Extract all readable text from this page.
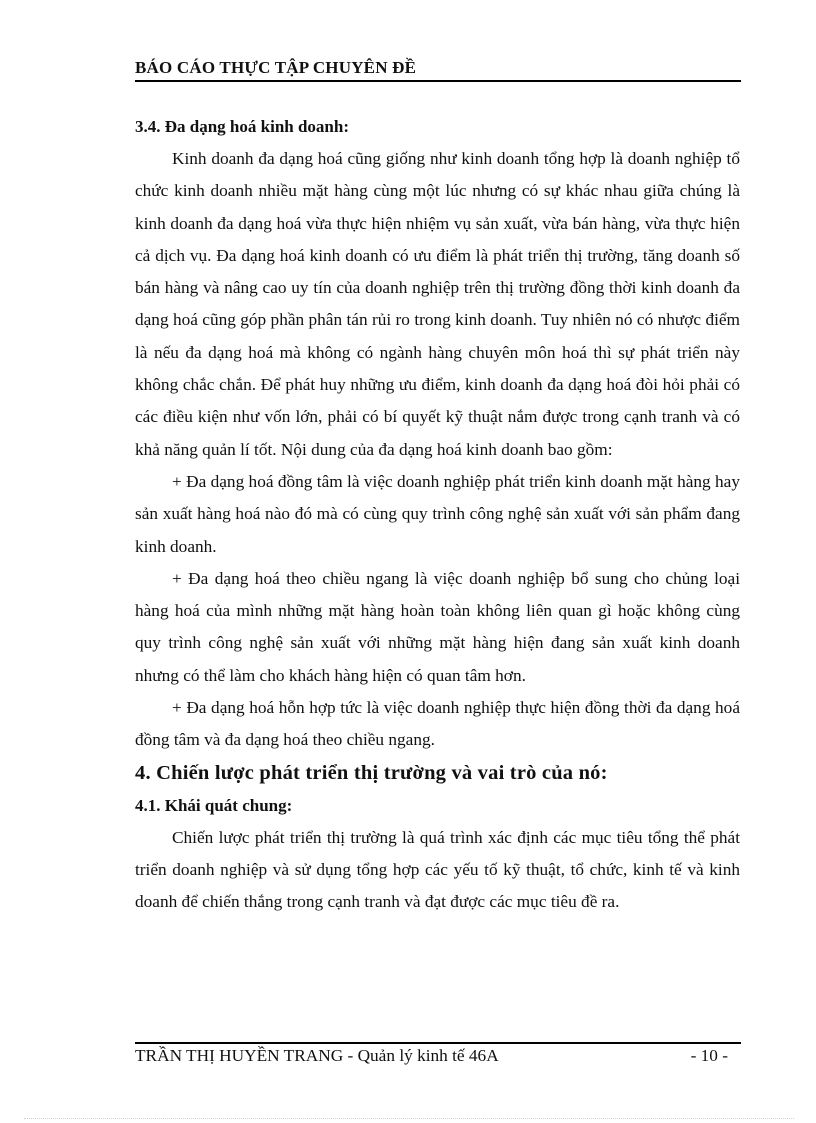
BÁO CÁO THỰC TẬP CHUYÊN ĐỀ

3.4. Đa dạng hoá kinh doanh:

Kinh doanh đa dạng hoá cũng giống như kinh doanh tổng hợp là doanh nghiệp tổ chức kinh doanh nhiều mặt hàng cùng một lúc nhưng có sự khác nhau giữa chúng là kinh doanh đa dạng hoá vừa thực hiện nhiệm vụ sản xuất, vừa bán hàng, vừa thực hiện cả dịch vụ. Đa dạng hoá kinh doanh có ưu điểm là phát triển thị trường, tăng doanh số bán hàng và nâng cao uy tín của doanh nghiệp trên thị trường đồng thời kinh doanh đa dạng hoá cũng góp phần phân tán rủi ro trong kinh doanh. Tuy nhiên nó có nhược điểm là nếu đa dạng hoá mà không có ngành hàng chuyên môn hoá thì sự phát triển này không chắc chắn. Để phát huy những ưu điểm, kinh doanh đa dạng hoá đòi hỏi phải có các điều kiện như vốn lớn, phải có bí quyết kỹ thuật nắm được trong cạnh tranh và có khả năng quản lí tốt. Nội dung của đa dạng hoá kinh doanh bao gồm:

+ Đa dạng hoá đồng tâm là việc doanh nghiệp phát triển kinh doanh mặt hàng hay sản xuất hàng hoá nào đó mà có cùng quy trình công nghệ sản xuất với sản phẩm đang kinh doanh.

+ Đa dạng hoá theo chiều ngang là việc doanh nghiệp bổ sung cho chủng loại hàng hoá của mình những mặt hàng hoàn toàn không liên quan gì hoặc không cùng quy trình công nghệ sản xuất với những mặt hàng hiện đang sản xuất kinh doanh nhưng có thể làm cho khách hàng hiện có quan tâm hơn.

+ Đa dạng hoá hỗn hợp tức là việc doanh nghiệp thực hiện đồng thời đa dạng hoá đồng tâm và đa dạng hoá theo chiều ngang.

4. Chiến lược phát triển thị trường và vai trò của nó:

4.1. Khái quát chung:

Chiến lược phát triển thị trường là quá trình xác định các mục tiêu tổng thể phát triển doanh nghiệp và sử dụng tổng hợp các yếu tố kỹ thuật, tổ chức, kinh tế và kinh doanh để chiến thắng trong cạnh tranh và đạt được các mục tiêu đề ra.

TRẦN THỊ HUYỀN TRANG - Quản lý kinh tế 46A	- 10 -
